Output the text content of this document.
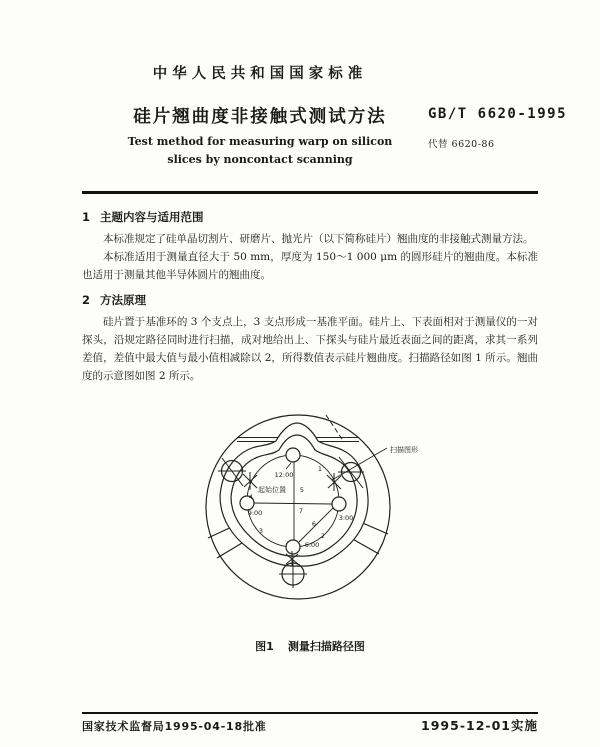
中华人民共和国国家标准
硅片翘曲度非接触式测试方法	GB/T 6620-1995
Test method for measuring warp on silicon
slices by noncontact scanning
代替 6620-86
1 主题内容与适用范围

本标准规定了硅单晶切割片、研磨片、抛光片（以下简称硅片）翘曲度的非接触式测量方法。

本标准适用于测量直径大于 50 mm，厚度为 150～1 000 μm 的圆形硅片的翘曲度。本标准也适用于测量其他半导体圆片的翘曲度。

2 方法原理

硅片置于基准环的 3 个支点上，3 支点形成一基准平面。硅片上、下表面相对于测量仪的一对探头，沿规定路径同时进行扫描，成对地给出上、下探头与硅片最近表面之间的距离，求其一系列差值，差值中最大值与最小值相减除以 2，所得数值表示硅片翘曲度。扫描路径如图 1 所示。翘曲度的示意图如图 2 所示。

12:00
起始位置 5
1
4
9:00	7
6
3:00
2
3
6:00
扫描图形
图1 测量扫描路径图
国家技术监督局1995-04-18批准	1995-12-01实施
